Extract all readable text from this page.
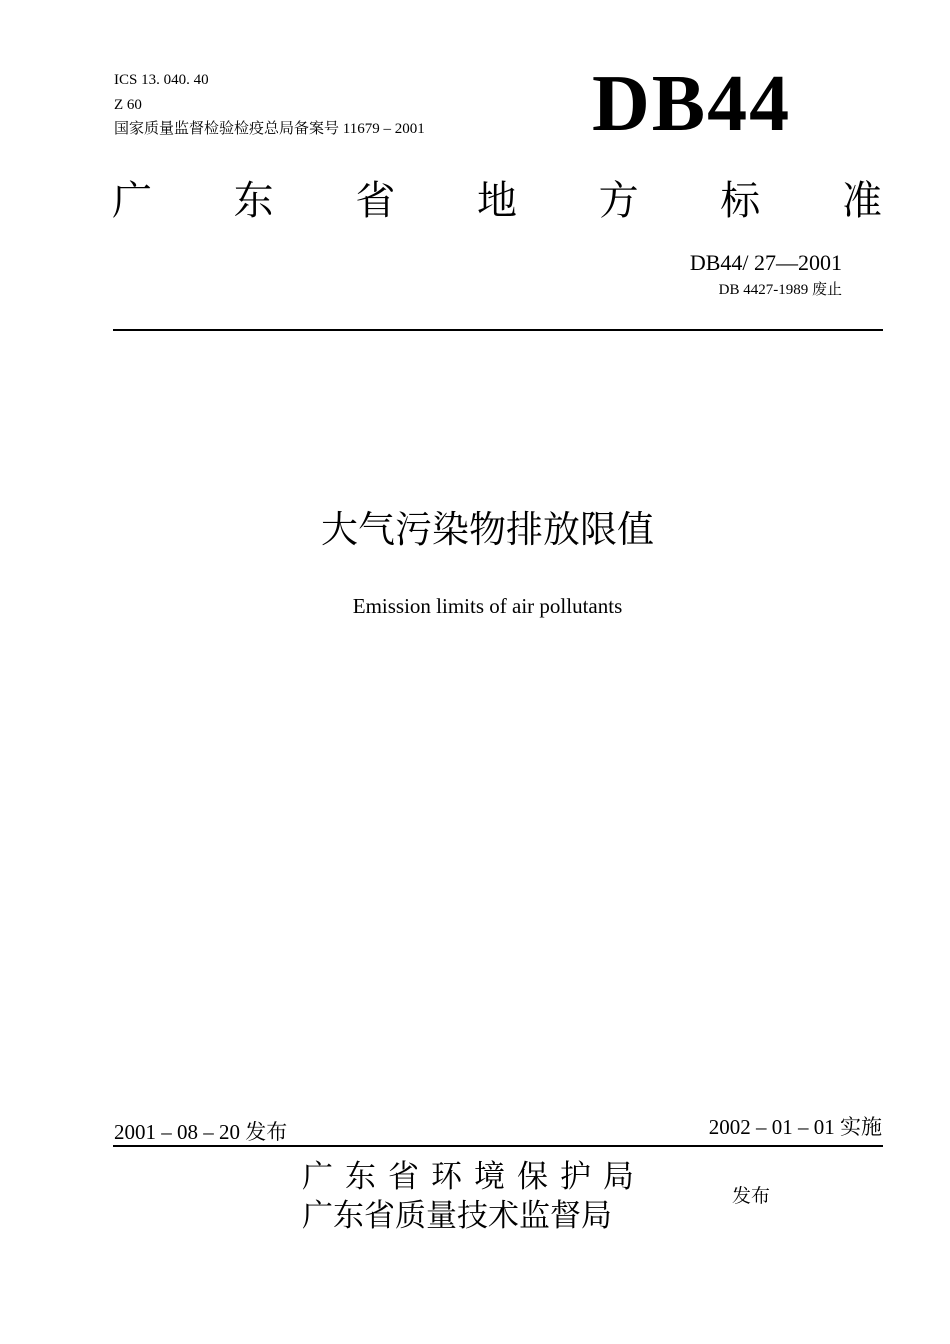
ICS 13. 040. 40
Z 60
国家质量监督检验检疫总局备案号 11679 – 2001 DB44
广 东 省 地 方 标 准
DB44/ 27—2001
DB 4427-1989 废止
大气污染物排放限值
Emission limits of air pollutants
2001 – 08 – 20 发布	2002 – 01 – 01 实施
广东省环境保护局
广东省质量技术监督局
发布
